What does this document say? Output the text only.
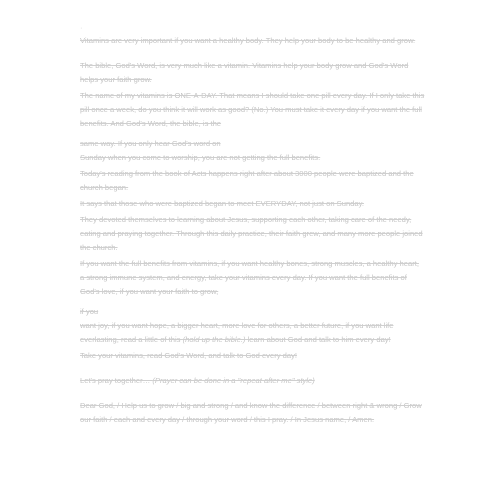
·

Vitamins are very important if you want a healthy body. They help your body to be healthy and grow.

The bible, God's Word, is very much like a vitamin. Vitamins help your body grow and God's Word helps your faith grow.

The name of my vitamins is ONE-A-DAY. That means I should take one pill every day. If I only take this pill once a week, do you think it will work as good? (No.) You must take it every day if you want the full benefits. And God's Word, the bible, is the

same way. If you only hear God's word on

Sunday when you come to worship, you are not getting the full benefits.

Today's reading from the book of Acts happens right after about 3000 people were baptized and the church began.

It says that those who were baptized began to meet EVERYDAY, not just on Sunday.

They devoted themselves to learning about Jesus, supporting each other, taking care of the needy, eating and praying together. Through this daily practice, their faith grew, and many more people joined the church.

If you want the full benefits from vitamins, if you want healthy bones, strong muscles, a healthy heart, a strong immune system, and energy, take your vitamins every day. If you want the full benefits of God's love, if you want your faith to grow,

if you

want joy, if you want hope, a bigger heart, more love for others, a better future, if you want life everlasting, read a little of this (hold up the bible.) learn about God and talk to him every day!

Take your vitamins, read God's Word, and talk to God every day!

Let's pray together… (Prayer can be done in a "repeat after me" style)

Dear God, / Help us to grow / big and strong / and know the difference / between right & wrong / Grow our faith / each and every day / through your word / this I pray. / In Jesus name, / Amen.
